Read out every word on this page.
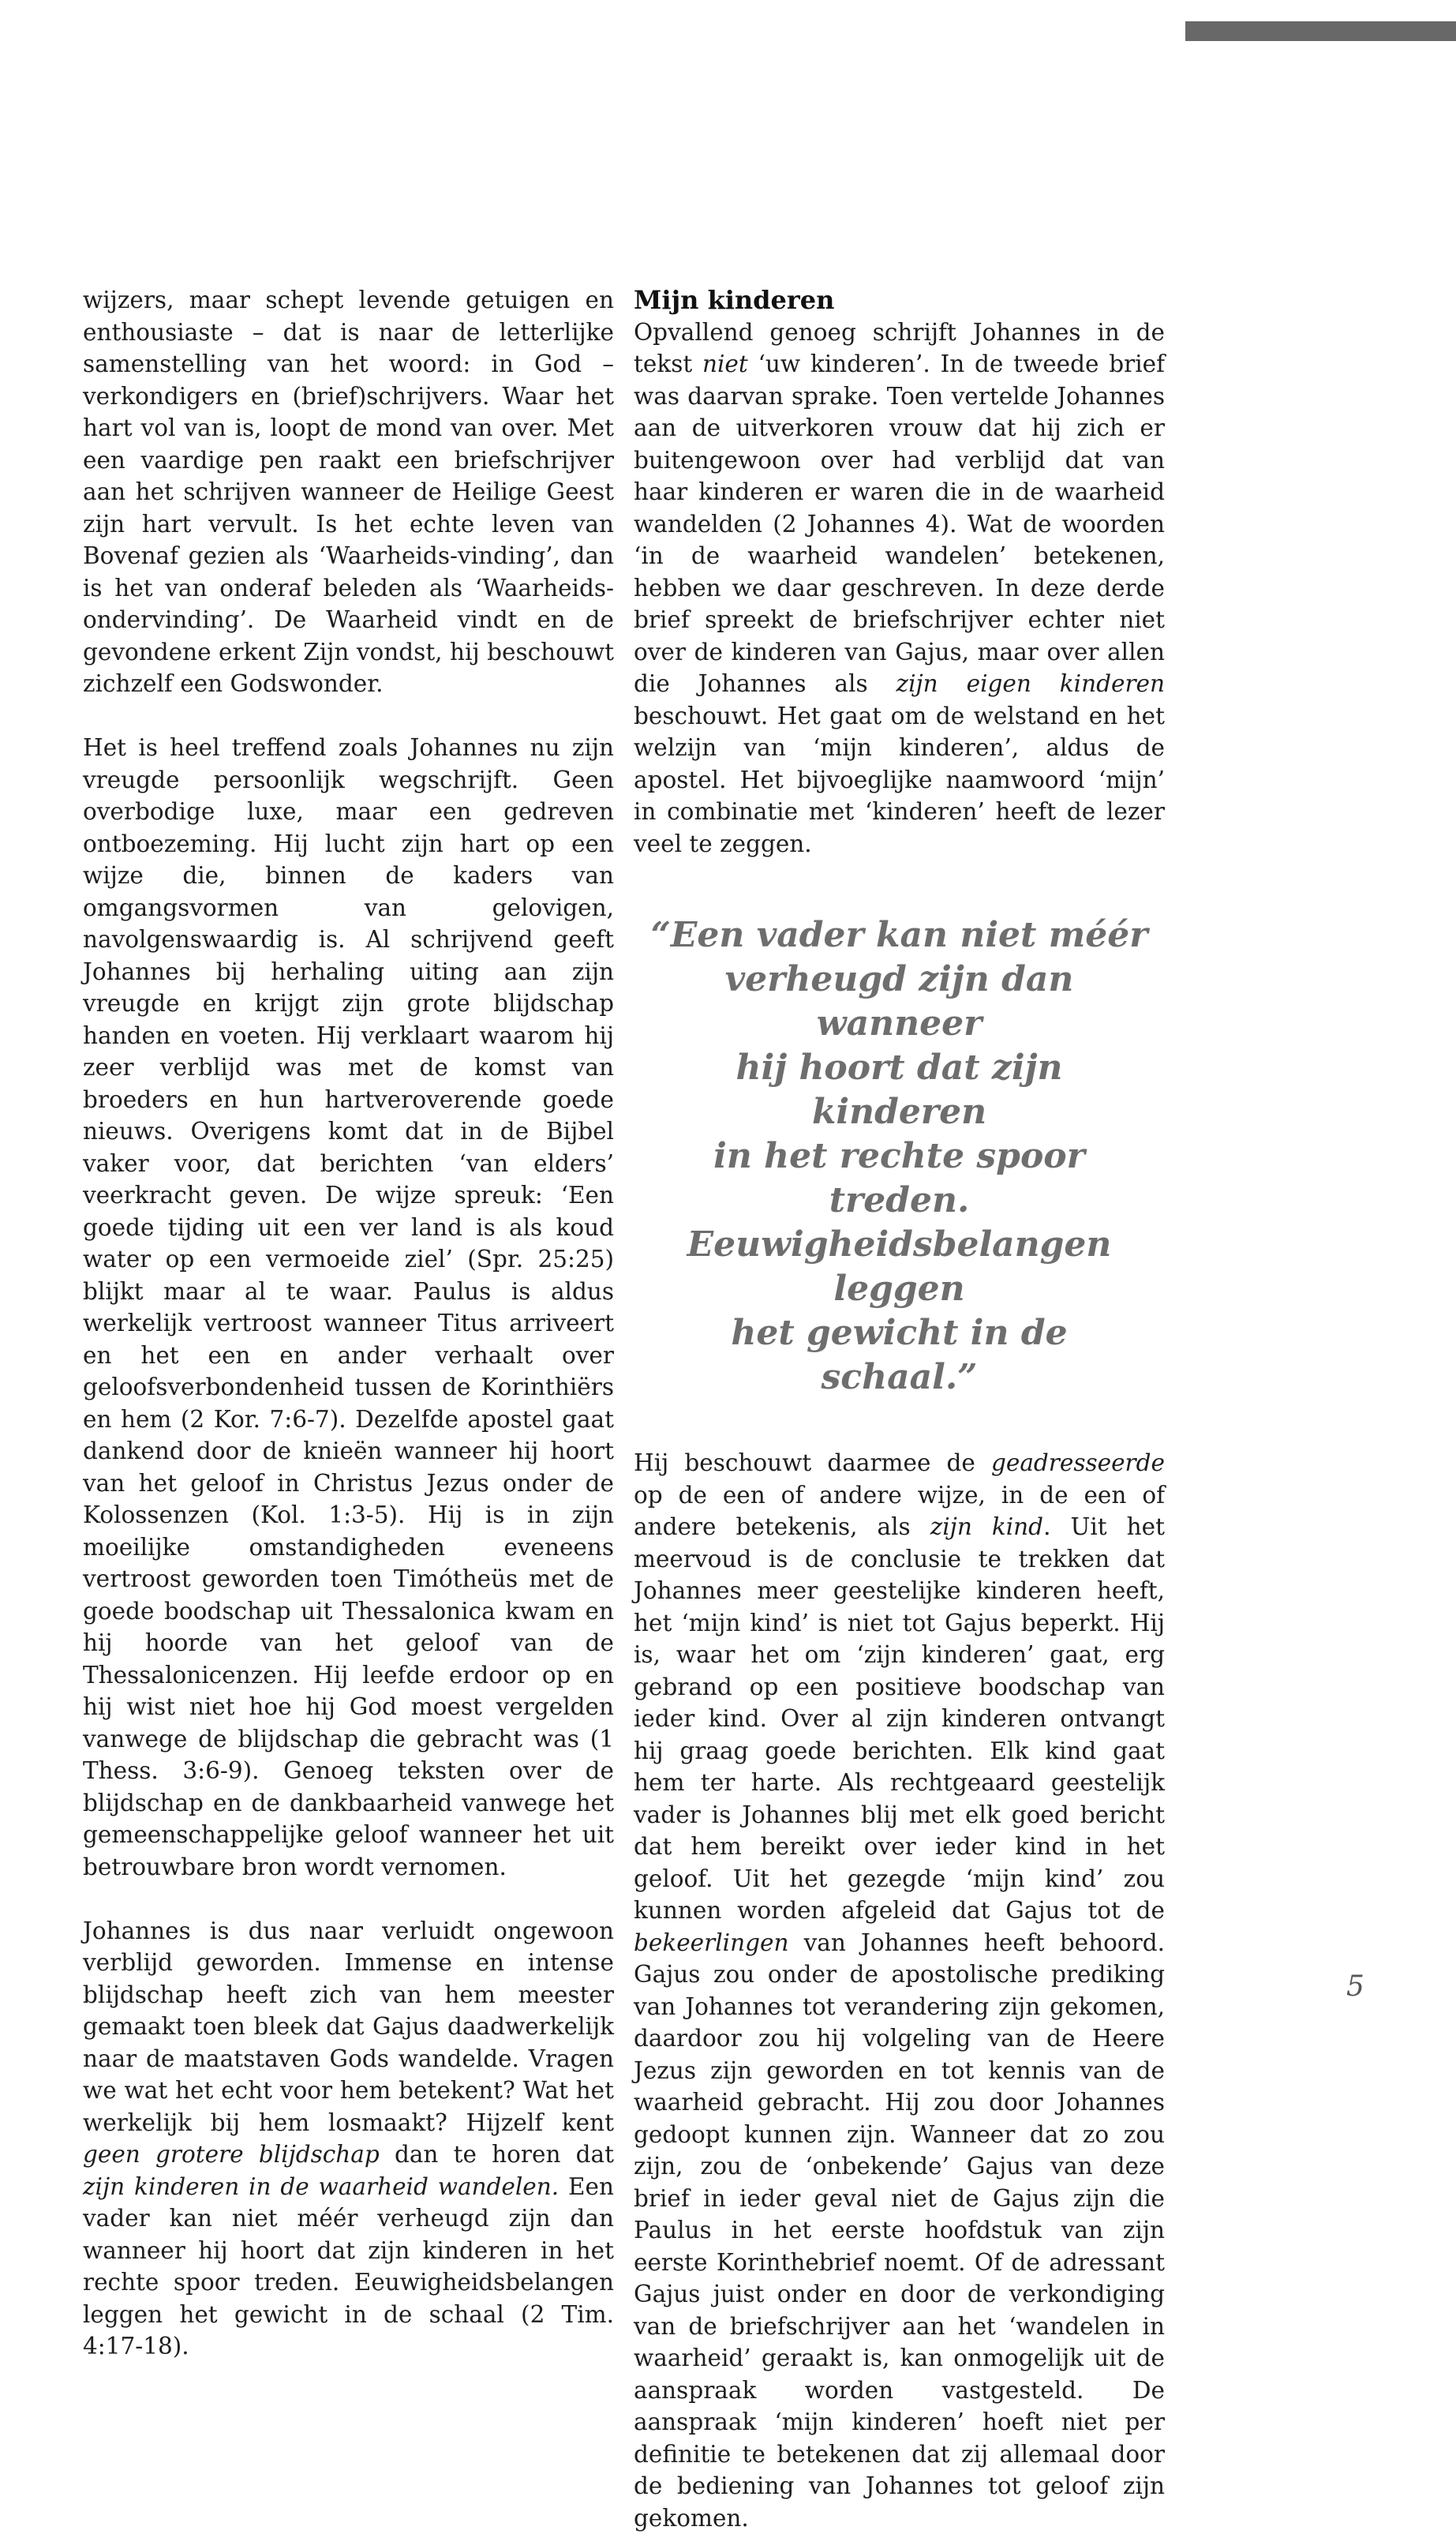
wijzers, maar schept levende getuigen en enthousiaste – dat is naar de letterlijke samenstelling van het woord: in God – verkondigers en (brief)schrijvers. Waar het hart vol van is, loopt de mond van over. Met een vaardige pen raakt een briefschrijver aan het schrijven wanneer de Heilige Geest zijn hart vervult. Is het echte leven van Bovenaf gezien als ‘Waarheids-vinding’, dan is het van onderaf beleden als ‘Waarheids-ondervinding’. De Waarheid vindt en de gevondene erkent Zijn vondst, hij beschouwt zichzelf een Godswonder.

Het is heel treffend zoals Johannes nu zijn vreugde persoonlijk wegschrijft. Geen overbodige luxe, maar een gedreven ontboezeming. Hij lucht zijn hart op een wijze die, binnen de kaders van omgangsvormen van gelovigen, navolgenswaardig is. Al schrijvend geeft Johannes bij herhaling uiting aan zijn vreugde en krijgt zijn grote blijdschap handen en voeten. Hij verklaart waarom hij zeer verblijd was met de komst van broeders en hun hartveroverende goede nieuws. Overigens komt dat in de Bijbel vaker voor, dat berichten ‘van elders’ veerkracht geven. De wijze spreuk: ‘Een goede tijding uit een ver land is als koud water op een vermoeide ziel’ (Spr. 25:25) blijkt maar al te waar. Paulus is aldus werkelijk vertroost wanneer Titus arriveert en het een en ander verhaalt over geloofsverbondenheid tussen de Korinthiërs en hem (2 Kor. 7:6-7). Dezelfde apostel gaat dankend door de knieën wanneer hij hoort van het geloof in Christus Jezus onder de Kolossenzen (Kol. 1:3-5). Hij is in zijn moeilijke omstandigheden eveneens vertroost geworden toen Timótheüs met de goede boodschap uit Thessalonica kwam en hij hoorde van het geloof van de Thessalonicenzen. Hij leefde erdoor op en hij wist niet hoe hij God moest vergelden vanwege de blijdschap die gebracht was (1 Thess. 3:6-9). Genoeg teksten over de blijdschap en de dankbaarheid vanwege het gemeenschappelijke geloof wanneer het uit betrouwbare bron wordt vernomen.

Johannes is dus naar verluidt ongewoon verblijd geworden. Immense en intense blijdschap heeft zich van hem meester gemaakt toen bleek dat Gajus daadwerkelijk naar de maatstaven Gods wandelde. Vragen we wat het echt voor hem betekent? Wat het werkelijk bij hem losmaakt? Hijzelf kent geen grotere blijdschap dan te horen dat zijn kinderen in de waarheid wandelen. Een vader kan niet méér verheugd zijn dan wanneer hij hoort dat zijn kinderen in het rechte spoor treden. Eeuwigheidsbelangen leggen het gewicht in de schaal (2 Tim. 4:17-18).

Mijn kinderen

Opvallend genoeg schrijft Johannes in de tekst niet ‘uw kinderen’. In de tweede brief was daarvan sprake. Toen vertelde Johannes aan de uitverkoren vrouw dat hij zich er buitengewoon over had verblijd dat van haar kinderen er waren die in de waarheid wandelden (2 Johannes 4). Wat de woorden ‘in de waarheid wandelen’ betekenen, hebben we daar geschreven. In deze derde brief spreekt de briefschrijver echter niet over de kinderen van Gajus, maar over allen die Johannes als zijn eigen kinderen beschouwt. Het gaat om de welstand en het welzijn van ‘mijn kinderen’, aldus de apostel. Het bijvoeglijke naamwoord ‘mijn’ in combinatie met ‘kinderen’ heeft de lezer veel te zeggen.

“Een vader kan niet méér
verheugd zijn dan wanneer
hij hoort dat zijn kinderen
in het rechte spoor treden.
Eeuwigheidsbelangen leggen
het gewicht in de schaal.”

Hij beschouwt daarmee de geadresseerde op de een of andere wijze, in de een of andere betekenis, als zijn kind. Uit het meervoud is de conclusie te trekken dat Johannes meer geestelijke kinderen heeft, het ‘mijn kind’ is niet tot Gajus beperkt. Hij is, waar het om ‘zijn kinderen’ gaat, erg gebrand op een positieve boodschap van ieder kind. Over al zijn kinderen ontvangt hij graag goede berichten. Elk kind gaat hem ter harte. Als rechtgeaard geestelijk vader is Johannes blij met elk goed bericht dat hem bereikt over ieder kind in het geloof. Uit het gezegde ‘mijn kind’ zou kunnen worden afgeleid dat Gajus tot de bekeerlingen van Johannes heeft behoord. Gajus zou onder de apostolische prediking van Johannes tot verandering zijn gekomen, daardoor zou hij volgeling van de Heere Jezus zijn geworden en tot kennis van de waarheid gebracht. Hij zou door Johannes gedoopt kunnen zijn. Wanneer dat zo zou zijn, zou de ‘onbekende’ Gajus van deze brief in ieder geval niet de Gajus zijn die Paulus in het eerste hoofdstuk van zijn eerste Korinthebrief noemt. Of de adressant Gajus juist onder en door de verkondiging van de briefschrijver aan het ‘wandelen in waarheid’ geraakt is, kan onmogelijk uit de aanspraak worden vastgesteld. De aanspraak ‘mijn kinderen’ hoeft niet per definitie te betekenen dat zij allemaal door de bediening van Johannes tot geloof zijn gekomen.

5
